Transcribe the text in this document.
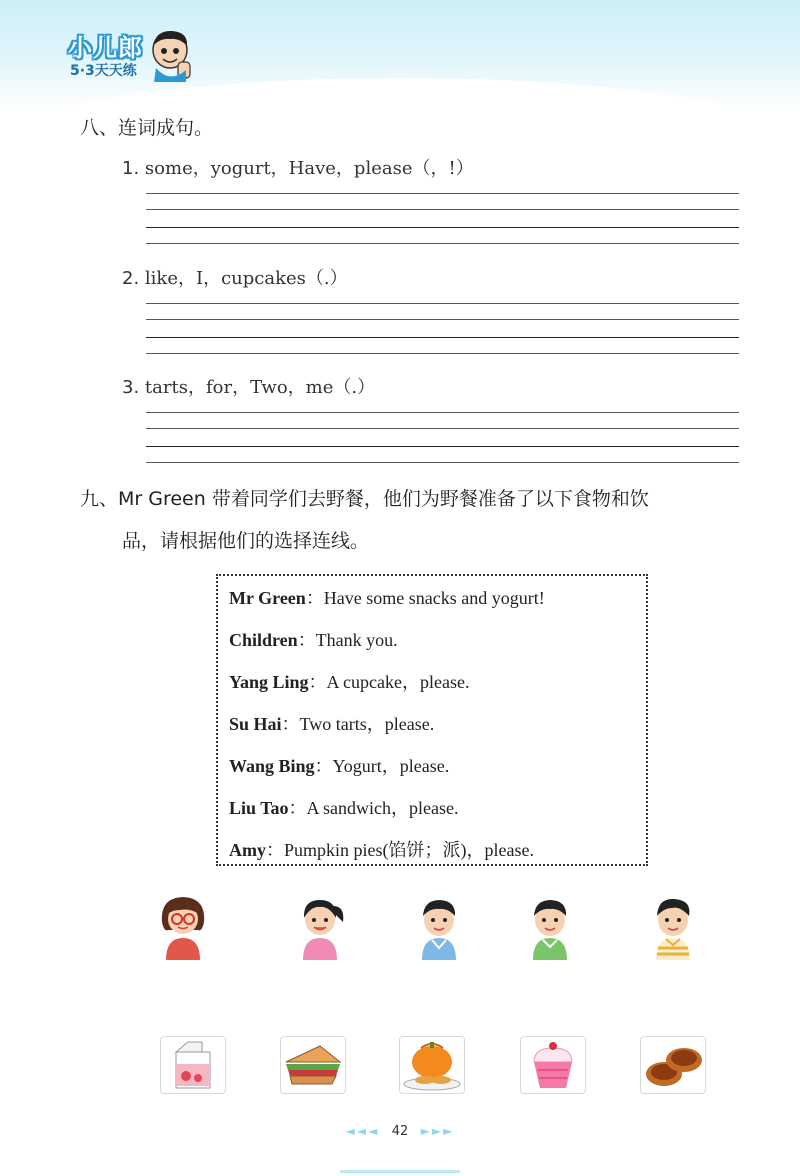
小儿郎
5·3天天练
八、连词成句。
1. some，yogurt，Have，please（，!）
2. like，I，cupcakes（.）
3. tarts，for，Two，me（.）
九、Mr Green 带着同学们去野餐，他们为野餐准备了以下食物和饮
品，请根据他们的选择连线。
Mr Green：Have some snacks and yogurt!
Children：Thank you.
Yang Ling：A cupcake，please.
Su Hai：Two tarts，please.
Wang Bing：Yogurt，please.
Liu Tao：A sandwich，please.
Amy：Pumpkin pies(馅饼；派)，please.
◄◄◄ 42 ►►►
